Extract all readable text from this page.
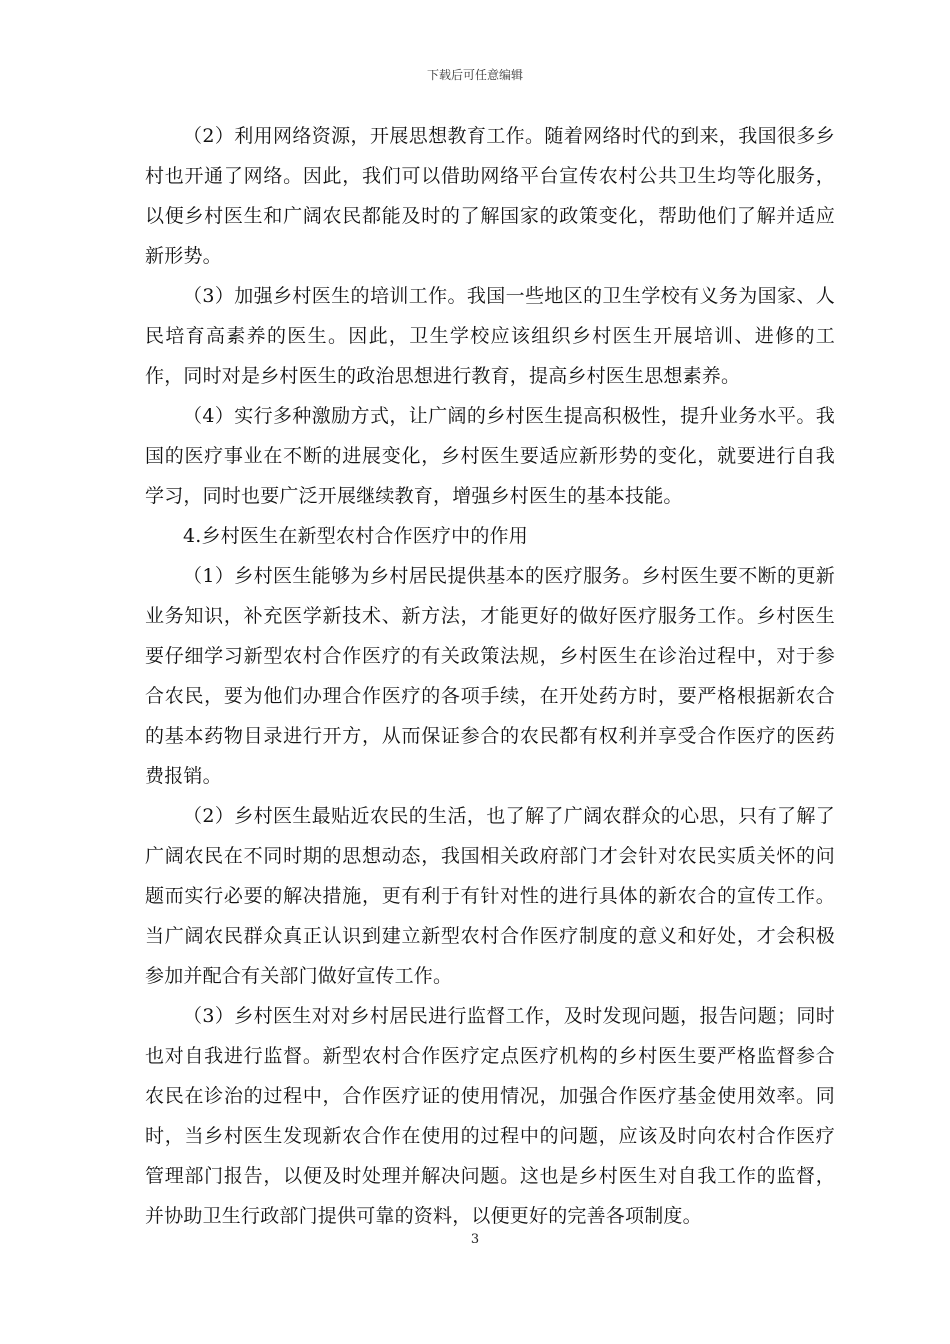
下载后可任意编辑

（2）利用网络资源，开展思想教育工作。随着网络时代的到来，我国很多乡村也开通了网络。因此，我们可以借助网络平台宣传农村公共卫生均等化服务，以便乡村医生和广阔农民都能及时的了解国家的政策变化，帮助他们了解并适应新形势。

（3）加强乡村医生的培训工作。我国一些地区的卫生学校有义务为国家、人民培育高素养的医生。因此，卫生学校应该组织乡村医生开展培训、进修的工作，同时对是乡村医生的政治思想进行教育，提高乡村医生思想素养。

（4）实行多种激励方式，让广阔的乡村医生提高积极性，提升业务水平。我国的医疗事业在不断的进展变化，乡村医生要适应新形势的变化，就要进行自我学习，同时也要广泛开展继续教育，增强乡村医生的基本技能。

4.乡村医生在新型农村合作医疗中的作用

（1）乡村医生能够为乡村居民提供基本的医疗服务。乡村医生要不断的更新业务知识，补充医学新技术、新方法，才能更好的做好医疗服务工作。乡村医生要仔细学习新型农村合作医疗的有关政策法规，乡村医生在诊治过程中，对于参合农民，要为他们办理合作医疗的各项手续，在开处药方时，要严格根据新农合的基本药物目录进行开方，从而保证参合的农民都有权利并享受合作医疗的医药费报销。

（2）乡村医生最贴近农民的生活，也了解了广阔农群众的心思，只有了解了广阔农民在不同时期的思想动态，我国相关政府部门才会针对农民实质关怀的问题而实行必要的解决措施，更有利于有针对性的进行具体的新农合的宣传工作。当广阔农民群众真正认识到建立新型农村合作医疗制度的意义和好处，才会积极参加并配合有关部门做好宣传工作。

（3）乡村医生对对乡村居民进行监督工作，及时发现问题，报告问题；同时也对自我进行监督。新型农村合作医疗定点医疗机构的乡村医生要严格监督参合农民在诊治的过程中，合作医疗证的使用情况，加强合作医疗基金使用效率。同时，当乡村医生发现新农合作在使用的过程中的问题，应该及时向农村合作医疗管理部门报告，以便及时处理并解决问题。这也是乡村医生对自我工作的监督，并协助卫生行政部门提供可靠的资料，以便更好的完善各项制度。

3
